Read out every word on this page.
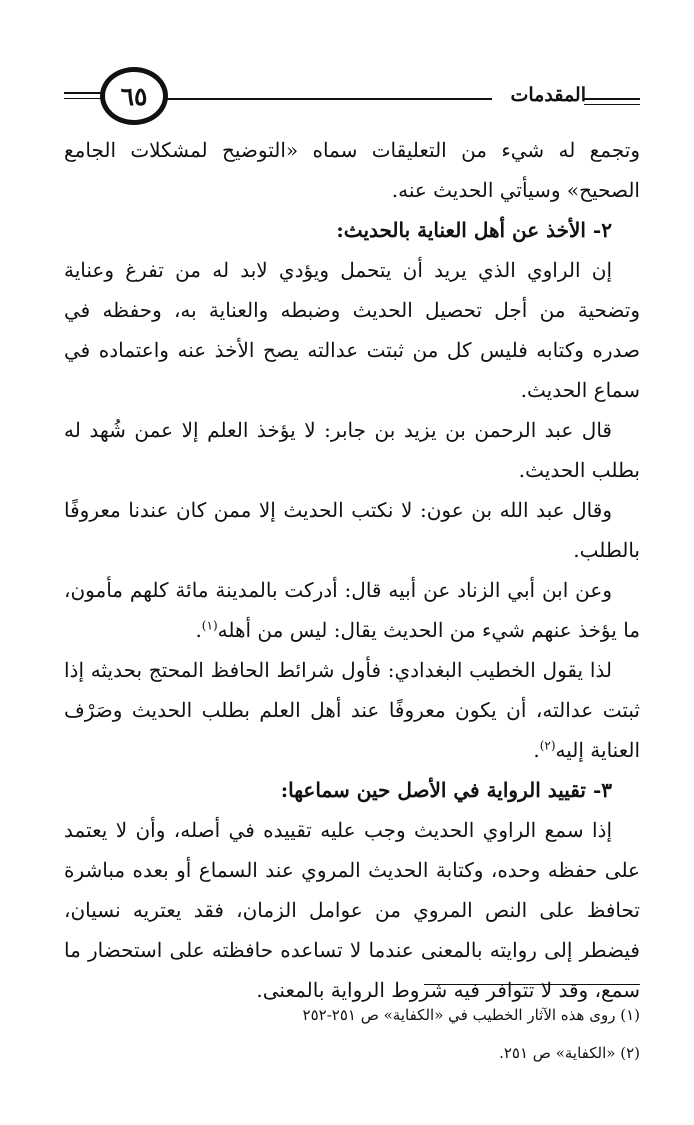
٦٥	المقدمات

وتجمع له شيء من التعليقات سماه «التوضيح لمشكلات الجامع الصحيح» وسيأتي الحديث عنه.

٢- الأخذ عن أهل العناية بالحديث:

إن الراوي الذي يريد أن يتحمل ويؤدي لابد له من تفرغ وعناية وتضحية من أجل تحصيل الحديث وضبطه والعناية به، وحفظه في صدره وكتابه فليس كل من ثبتت عدالته يصح الأخذ عنه واعتماده في سماع الحديث.

قال عبد الرحمن بن يزيد بن جابر: لا يؤخذ العلم إلا عمن شُهد له بطلب الحديث.

وقال عبد الله بن عون: لا نكتب الحديث إلا ممن كان عندنا معروفًا بالطلب.

وعن ابن أبي الزناد عن أبيه قال: أدركت بالمدينة مائة كلهم مأمون، ما يؤخذ عنهم شيء من الحديث يقال: ليس من أهله$^{(١)}$.

لذا يقول الخطيب البغدادي: فأول شرائط الحافظ المحتج بحديثه إذا ثبتت عدالته، أن يكون معروفًا عند أهل العلم بطلب الحديث وصَرْف العناية إليه$^{(٢)}$.

٣- تقييد الرواية في الأصل حين سماعها:

إذا سمع الراوي الحديث وجب عليه تقييده في أصله، وأن لا يعتمد على حفظه وحده، وكتابة الحديث المروي عند السماع أو بعده مباشرة تحافظ على النص المروي من عوامل الزمان، فقد يعتريه نسيان، فيضطر إلى روايته بالمعنى عندما لا تساعده حافظته على استحضار ما سمع، وقد لا تتوافر فيه شروط الرواية بالمعنى.

(١) روى هذه الآثار الخطيب في «الكفاية» ص ٢٥١-٢٥٢

(٢) «الكفاية» ص ٢٥١.
